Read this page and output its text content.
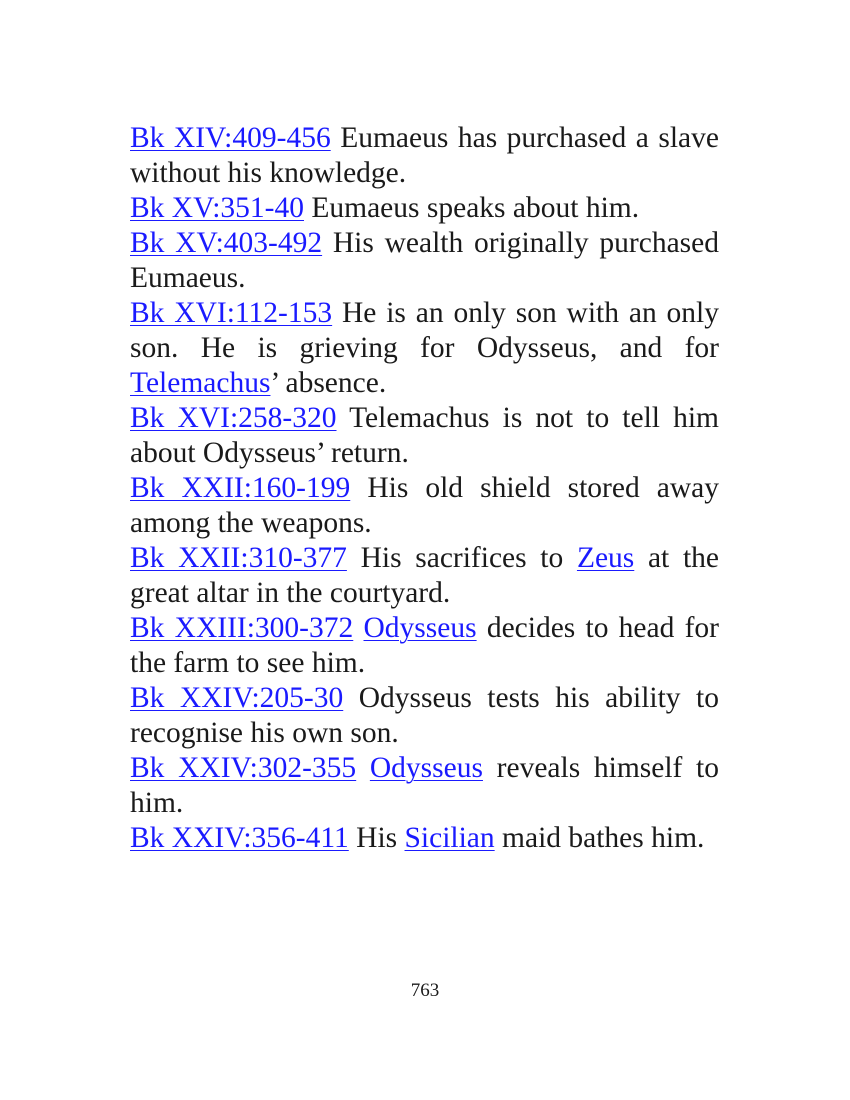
Bk XIV:409-456 Eumaeus has purchased a slave without his knowledge.

Bk XV:351-40 Eumaeus speaks about him.

Bk XV:403-492 His wealth originally purchased Eumaeus.

Bk XVI:112-153 He is an only son with an only son. He is grieving for Odysseus, and for Telemachus’ absence.

Bk XVI:258-320 Telemachus is not to tell him about Odysseus’ return.

Bk XXII:160-199 His old shield stored away among the weapons.

Bk XXII:310-377 His sacrifices to Zeus at the great altar in the courtyard.

Bk XXIII:300-372 Odysseus decides to head for the farm to see him.

Bk XXIV:205-30 Odysseus tests his ability to recognise his own son.

Bk XXIV:302-355 Odysseus reveals himself to him.

Bk XXIV:356-411 His Sicilian maid bathes him.

763
